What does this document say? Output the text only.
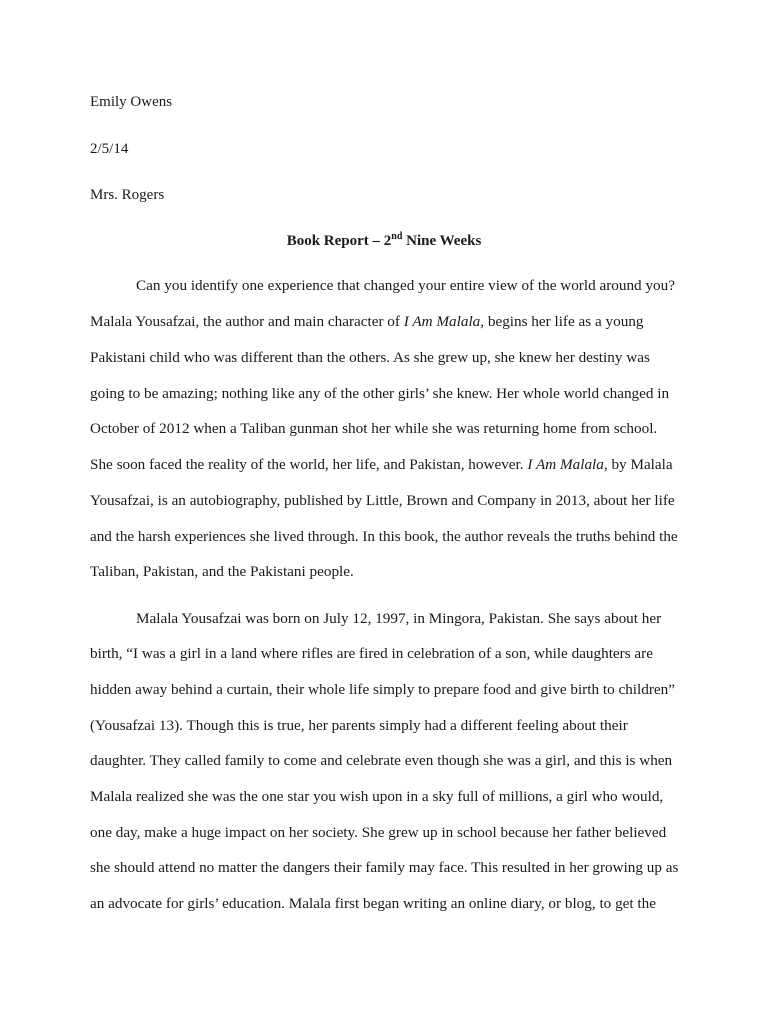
Emily Owens
2/5/14
Mrs. Rogers
Book Report – 2nd Nine Weeks
Can you identify one experience that changed your entire view of the world around you?
Malala Yousafzai, the author and main character of I Am Malala, begins her life as a young
Pakistani child who was different than the others. As she grew up, she knew her destiny was
going to be amazing; nothing like any of the other girls’ she knew. Her whole world changed in
October of 2012 when a Taliban gunman shot her while she was returning home from school.
She soon faced the reality of the world, her life, and Pakistan, however. I Am Malala, by Malala
Yousafzai, is an autobiography, published by Little, Brown and Company in 2013, about her life
and the harsh experiences she lived through. In this book, the author reveals the truths behind the
Taliban, Pakistan, and the Pakistani people.
Malala Yousafzai was born on July 12, 1997, in Mingora, Pakistan. She says about her
birth, “I was a girl in a land where rifles are fired in celebration of a son, while daughters are
hidden away behind a curtain, their whole life simply to prepare food and give birth to children”
(Yousafzai 13). Though this is true, her parents simply had a different feeling about their
daughter. They called family to come and celebrate even though she was a girl, and this is when
Malala realized she was the one star you wish upon in a sky full of millions, a girl who would,
one day, make a huge impact on her society. She grew up in school because her father believed
she should attend no matter the dangers their family may face. This resulted in her growing up as
an advocate for girls’ education. Malala first began writing an online diary, or blog, to get the
